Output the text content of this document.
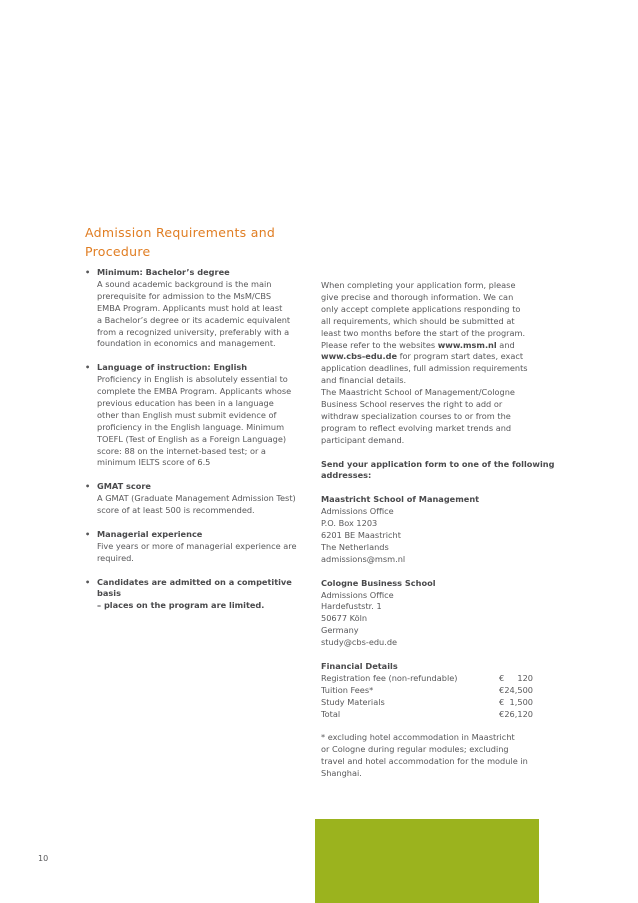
Admission Requirements and
Procedure
• Minimum: Bachelor’s degree
A sound academic background is the main
prerequisite for admission to the MsM/CBS
EMBA Program. Applicants must hold at least
a Bachelor’s degree or its academic equivalent
from a recognized university, preferably with a
foundation in economics and management.
• Language of instruction: English
Proficiency in English is absolutely essential to
complete the EMBA Program. Applicants whose
previous education has been in a language
other than English must submit evidence of
proficiency in the English language. Minimum
TOEFL (Test of English as a Foreign Language)
score: 88 on the internet-based test; or a
minimum IELTS score of 6.5
• GMAT score
A GMAT (Graduate Management Admission Test)
score of at least 500 is recommended.
• Managerial experience
Five years or more of managerial experience are
required.
• Candidates are admitted on a competitive basis
– places on the program are limited.
When completing your application form, please
give precise and thorough information. We can
only accept complete applications responding to
all requirements, which should be submitted at
least two months before the start of the program.
Please refer to the websites www.msm.nl and
www.cbs-edu.de for program start dates, exact
application deadlines, full admission requirements
and financial details.
The Maastricht School of Management/Cologne
Business School reserves the right to add or
withdraw specialization courses to or from the
program to reflect evolving market trends and
participant demand.
Send your application form to one of the following
addresses:
Maastricht School of Management
Admissions Office
P.O. Box 1203
6201 BE Maastricht
The Netherlands
admissions@msm.nl
Cologne Business School
Admissions Office
Hardefuststr. 1
50677 Köln
Germany
study@cbs-edu.de
Financial Details
Registration fee (non-refundable)	€ 120
Tuition Fees*	€ 24,500
Study Materials	€ 1,500
Total	€ 26,120
* excluding hotel accommodation in Maastricht
or Cologne during regular modules; excluding
travel and hotel accommodation for the module in
Shanghai.
10
